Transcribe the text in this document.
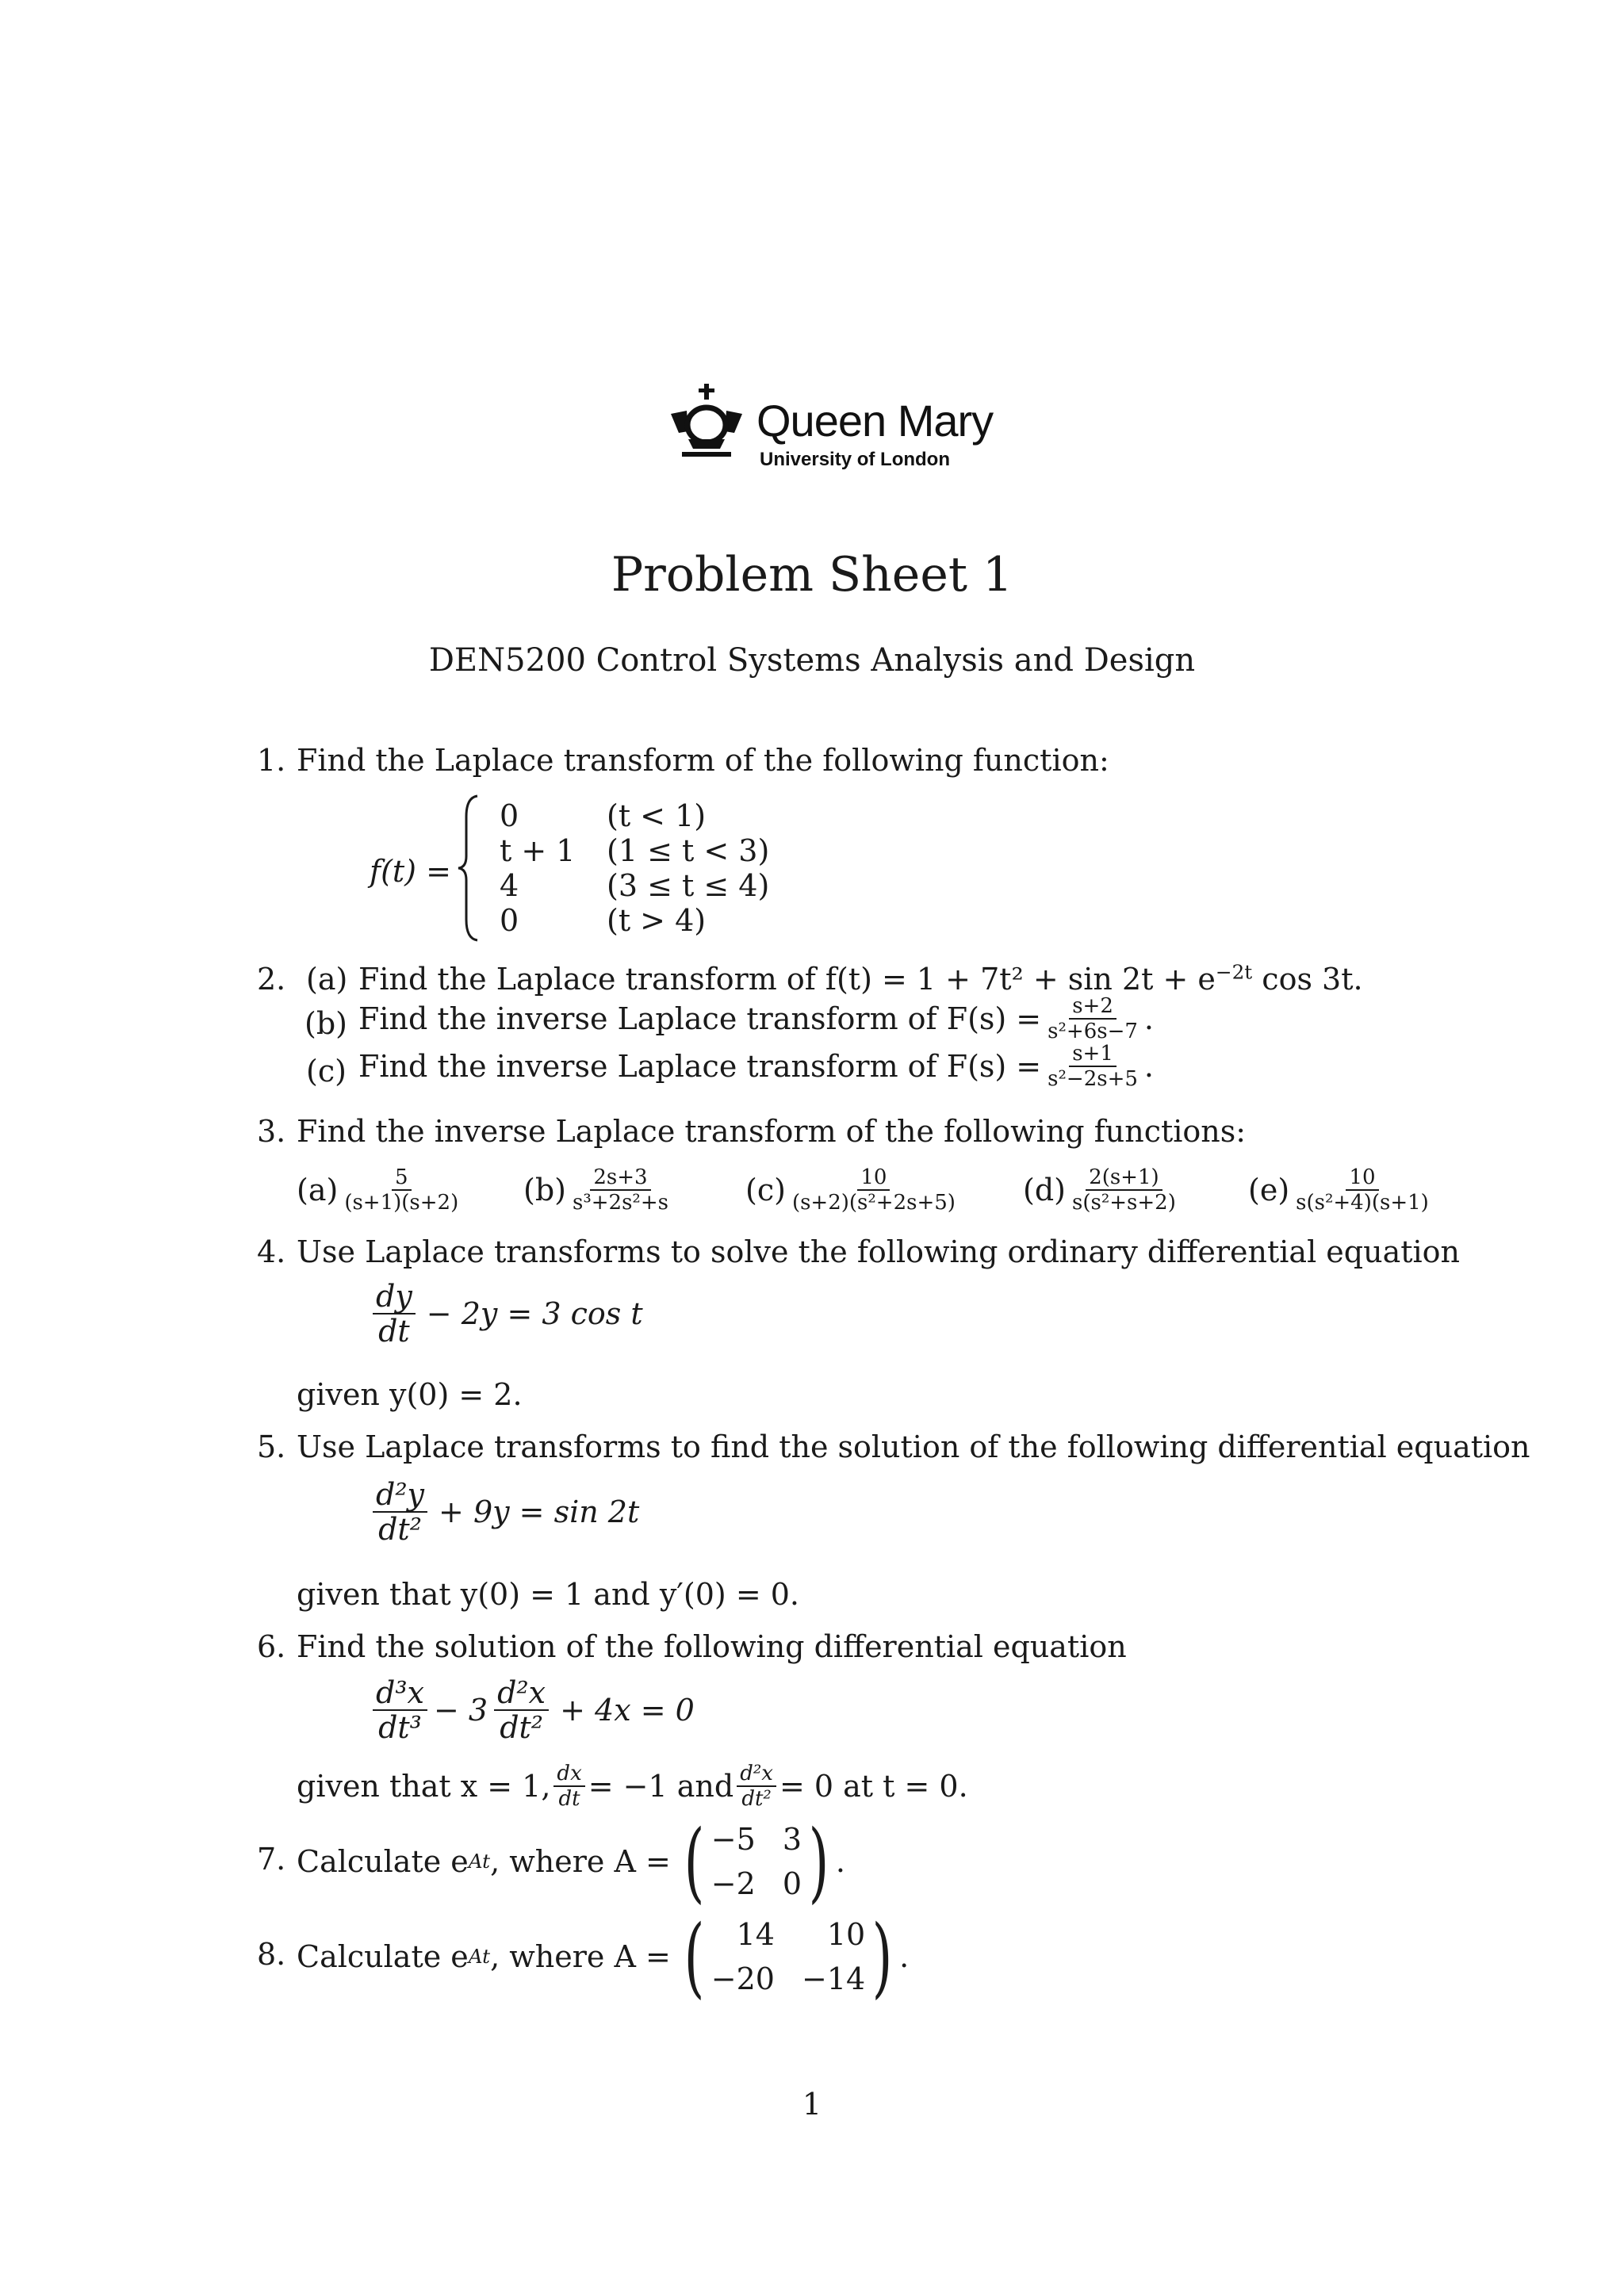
Queen Mary
University of London
Problem Sheet 1
DEN5200 Control Systems Analysis and Design
1. Find the Laplace transform of the following function:
f(t) =
0	(t < 1)
t + 1 (1 ≤ t < 3)
4	(3 ≤ t ≤ 4)
0	(t > 4)
2. (a) Find the Laplace transform of $f(t) = 1 + 7t^2 + \sin 2t + e^{-2t}$ cos 3t.
(b) Find the inverse Laplace transform of $F(s) = \frac{s+2}{\text{s²+6s−7}}$ .
(c) Find the inverse Laplace transform of $F(s) = \frac{s+1}{\text{s²−2s+5}}$ .
3. Find the inverse Laplace transform of the following functions:
$(a) \frac{5}{(s+1)(s+2)} (b) \frac{2s+3}{\text{s³+2s²+s}} (c) \frac{10}{\text{(s+2)(s²+2s+5)}} (d) \frac{2(s+1)}{\text{s(s²+s+2)}} (e) \frac{10}{\text{s(s²+4)(s+1)}}$
4. Use Laplace transforms to solve the following ordinary differential equation
$\frac{dy}{dt} - 2y = 3$ cos t
given y(0) = 2.
5. Use Laplace transforms to find the solution of the following differential equation
$\frac{\text{d²y}}{\text{dt²}} + 9y = \sin 2t$
given that y(0) = 1 and y′(0) = 0.
6. Find the solution of the following differential equation
$\frac{\text{d³x}}{\text{dt³}} - 3 \frac{\text{d²x}}{\text{dt²}} + 4x = 0$
given that x = 1, $\frac{dx}{dt} = -1$ and $\frac{\text{d²x}}{\text{dt²}} = 0$ at t = 0.
7. Calculate e At , where A = ( −5 3
−2 0 ) .
8. Calculate e At , where A = (	14	10
−20 −14 ) .
1
